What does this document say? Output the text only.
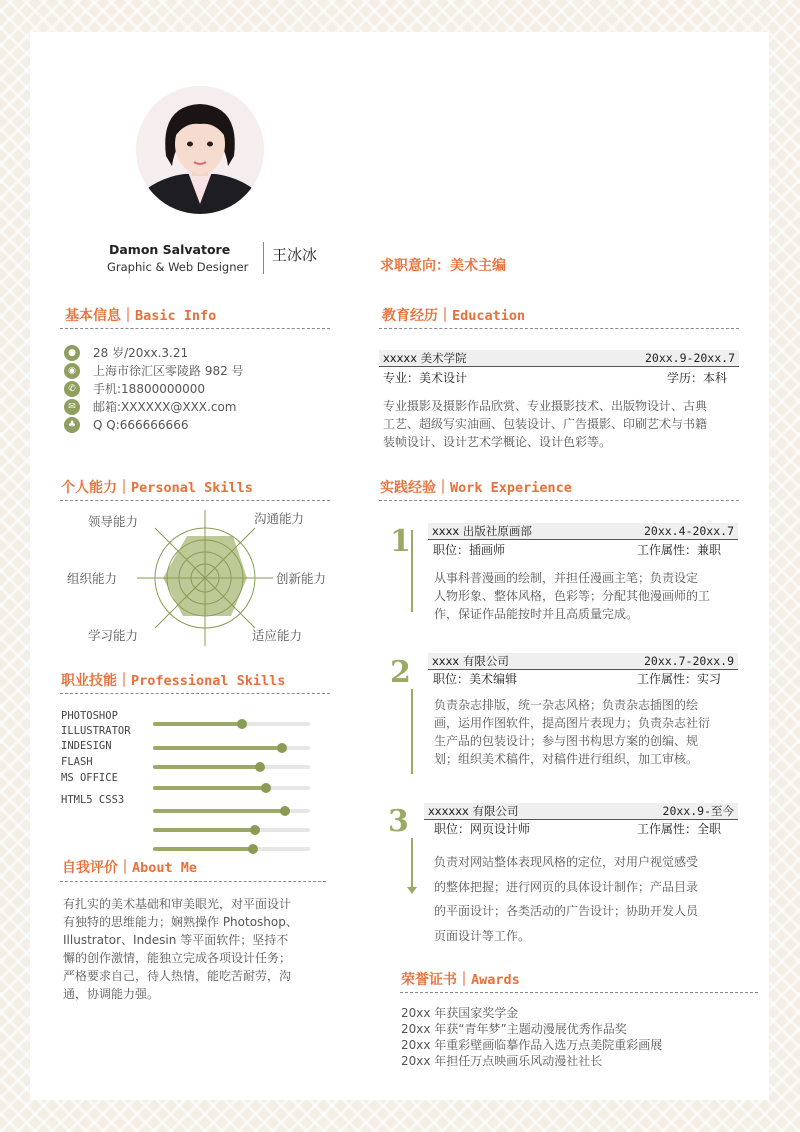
Damon Salvatore
Graphic & Web Designer
王冰冰
求职意向：美术主编
基本信息｜Basic Info
●	28 岁/20xx.3.21
◉	上海市徐汇区零陵路 982 号
✆	手机:18800000000
✉	邮箱:XXXXXX@XXX.com
♣	Q Q:666666666
个人能力｜Personal Skills
领导能力	沟通能力
组织能力	创新能力
学习能力	适应能力
职业技能｜Professional Skills
PHOTOSHOP
ILLUSTRATOR
INDESIGN
FLASH
MS OFFICE
HTML5 CSS3
自我评价｜About Me
有扎实的美术基础和审美眼光，对平面设计
有独特的思维能力；娴熟操作 Photoshop、
Illustrator、Indesin 等平面软件；坚持不
懈的创作激情，能独立完成各项设计任务；
严格要求自己，待人热情，能吃苦耐劳，沟
通，协调能力强。
教育经历｜Education
xxxxx 美术学院	20xx.9-20xx.7
专业：美术设计	学历：本科
专业摄影及摄影作品欣赏、专业摄影技术、出版物设计、古典
工艺、超级写实油画、包装设计、广告摄影、印刷艺术与书籍
装帧设计、设计艺术学概论、设计色彩等。
实践经验｜Work Experience
1 xxxx 出版社原画部	20xx.4-20xx.7
职位：插画师	工作属性：兼职
从事科普漫画的绘制，并担任漫画主笔；负责设定
人物形象、整体风格，色彩等；分配其他漫画师的工
作，保证作品能按时并且高质量完成。
2 xxxx 有限公司	20xx.7-20xx.9
职位：美术编辑	工作属性：实习
负责杂志排版，统一杂志风格；负责杂志插图的绘
画，运用作图软件，提高图片表现力；负责杂志社衍
生产品的包装设计；参与图书构思方案的创编、规
划；组织美术稿件，对稿件进行组织，加工审核。
3 xxxxxx 有限公司	20xx.9-至今
职位：网页设计师	工作属性：全职
负责对网站整体表现风格的定位，对用户视觉感受
的整体把握；进行网页的具体设计制作；产品目录
的平面设计；各类活动的广告设计；协助开发人员
页面设计等工作。
荣誉证书｜Awards
20xx 年获国家奖学金
20xx 年获“青年梦”主题动漫展优秀作品奖
20xx 年重彩壁画临摹作品入选万点美院重彩画展
20xx 年担任万点映画乐风动漫社社长
